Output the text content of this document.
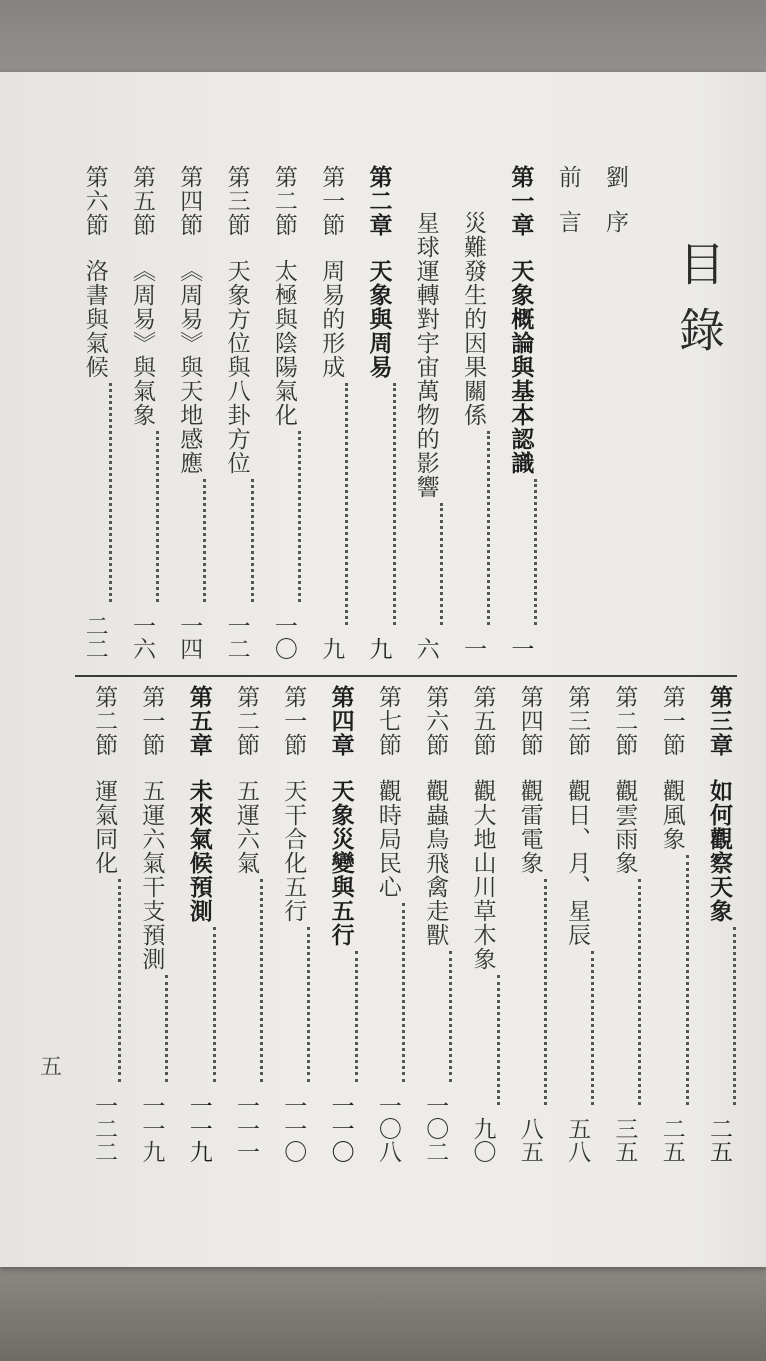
目錄
五
劉序
前言
第一章
天象概論與基本認識
一
災難發生的因果關係
一
星球運轉對宇宙萬物的影響
六
第二章
天象與周易
九
第一節
周易的形成
九
第二節
太極與陰陽氣化
一〇
第三節
天象方位與八卦方位
一二
第四節
《周易》與天地感應
一四
第五節
《周易》與氣象
一六
第六節
洛書與氣候
二二
第三章
如何觀察天象
二五
第一節
觀風象
二五
第二節
觀雲雨象
三五
第三節
觀日、月、星辰
五八
第四節
觀雷電象
八五
第五節
觀大地山川草木象
九〇
第六節
觀蟲鳥飛禽走獸
一〇二
第七節
觀時局民心
一〇八
第四章
天象災變與五行
一一〇
第一節
天干合化五行
一一〇
第二節
五運六氣
一一一
第五章
未來氣候預測
一一九
第一節
五運六氣干支預測
一一九
第二節
運氣同化
一二二
